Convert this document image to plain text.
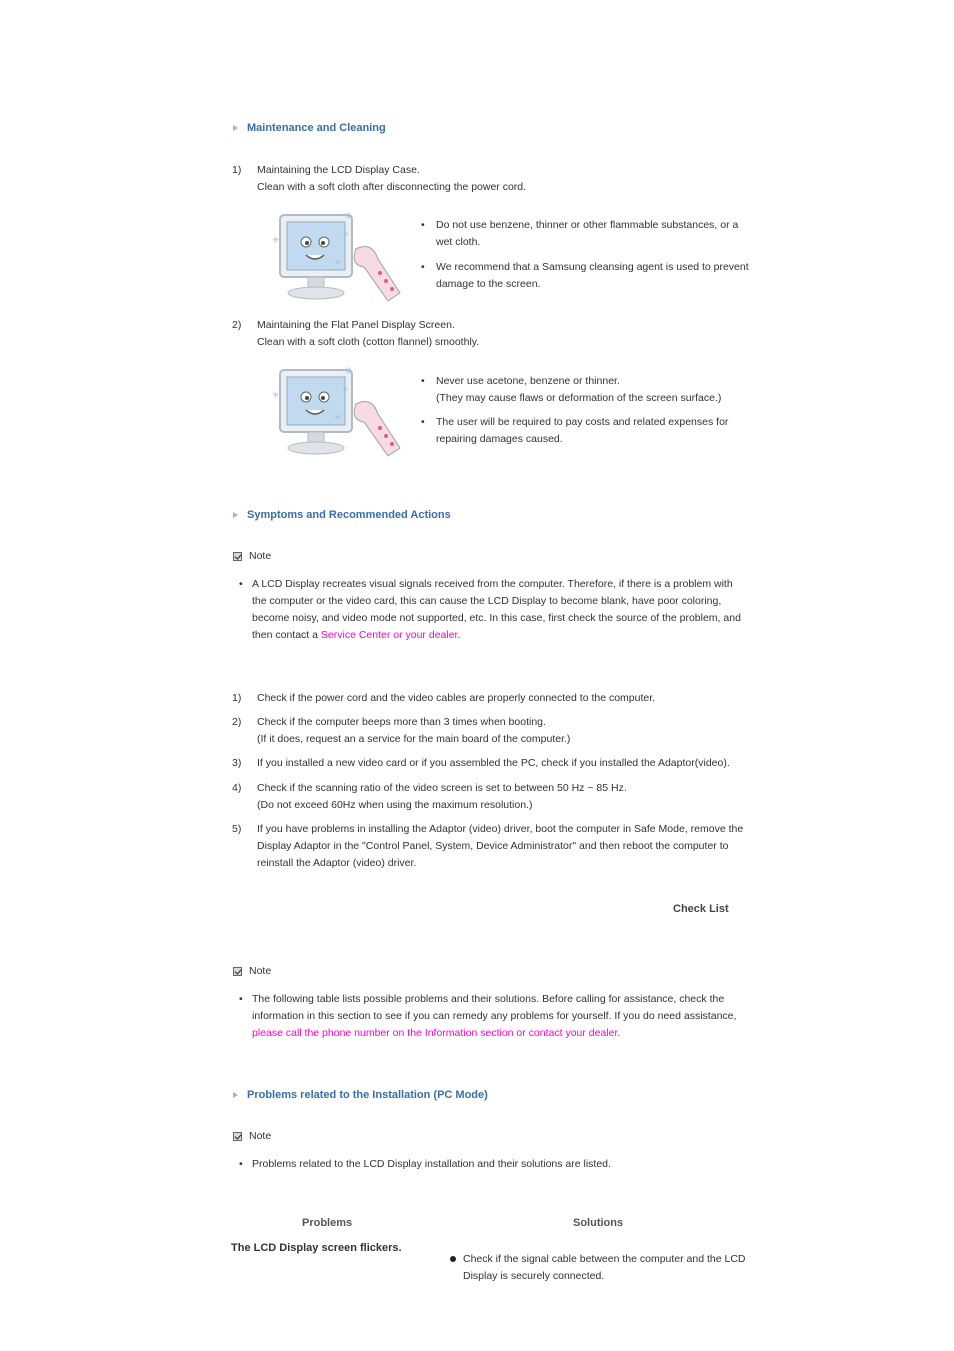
Maintenance and Cleaning
1) Maintaining the LCD Display Case.
Clean with a soft cloth after disconnecting the power cord.
✳
✳
✳
✳
• Do not use benzene, thinner or other flammable substances, or a
wet cloth.
• We recommend that a Samsung cleansing agent is used to prevent
damage to the screen.
2) Maintaining the Flat Panel Display Screen.
Clean with a soft cloth (cotton flannel) smoothly.
✳
✳
✳
✳
• Never use acetone, benzene or thinner.
(They may cause flaws or deformation of the screen surface.)
• The user will be required to pay costs and related expenses for
repairing damages caused.
Symptoms and Recommended Actions
Note
• A LCD Display recreates visual signals received from the computer. Therefore, if there is a problem with
the computer or the video card, this can cause the LCD Display to become blank, have poor coloring,
become noisy, and video mode not supported, etc. In this case, first check the source of the problem, and
then contact a Service Center or your dealer.
1) Check if the power cord and the video cables are properly connected to the computer.
2) Check if the computer beeps more than 3 times when booting.
(If it does, request an a service for the main board of the computer.)
3) If you installed a new video card or if you assembled the PC, check if you installed the Adaptor(video).
4) Check if the scanning ratio of the video screen is set to between 50 Hz ~ 85 Hz.
(Do not exceed 60Hz when using the maximum resolution.)
5) If you have problems in installing the Adaptor (video) driver, boot the computer in Safe Mode, remove the
Display Adaptor in the "Control Panel, System, Device Administrator" and then reboot the computer to
reinstall the Adaptor (video) driver.
Check List
Note
• The following table lists possible problems and their solutions. Before calling for assistance, check the
information in this section to see if you can remedy any problems for yourself. If you do need assistance,
please call the phone number on the Information section or contact your dealer.
Problems related to the Installation (PC Mode)
Note
• Problems related to the LCD Display installation and their solutions are listed.
Problems	Solutions
The LCD Display screen flickers.
Check if the signal cable between the computer and the LCD
Display is securely connected.
